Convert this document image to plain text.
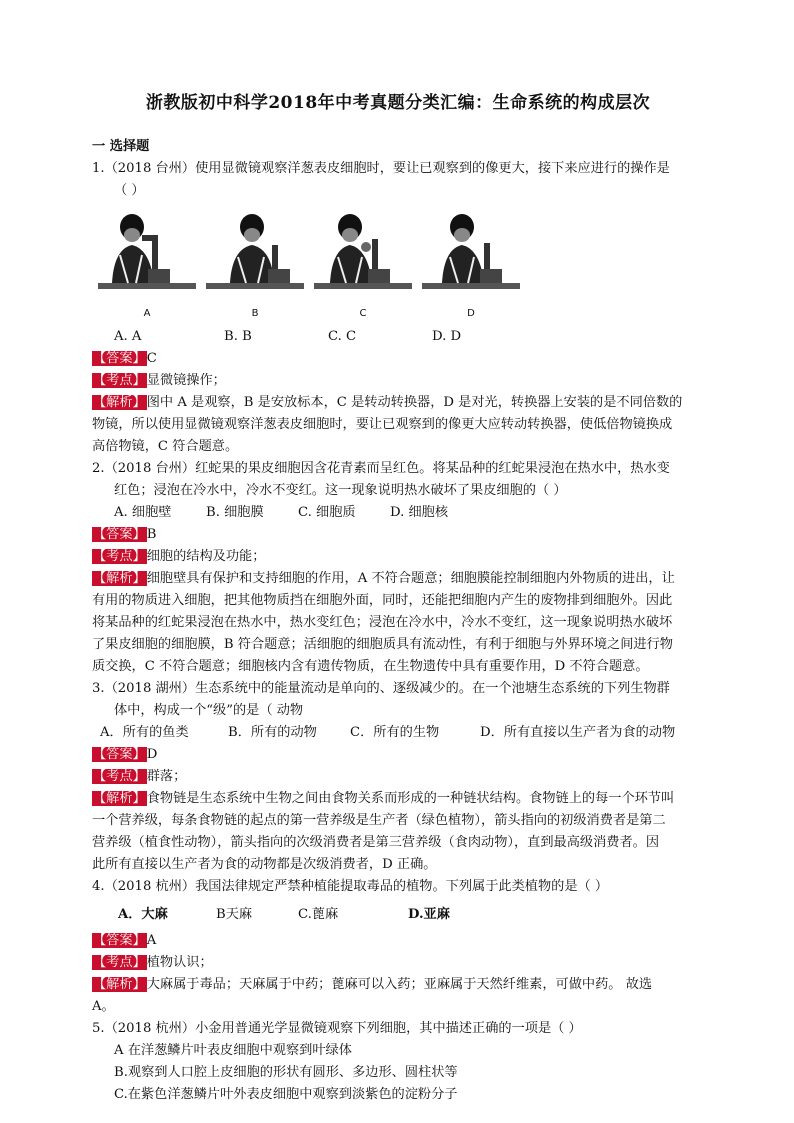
浙教版初中科学2018年中考真题分类汇编：生命系统的构成层次
一 选择题
1.（2018 台州）使用显微镜观察洋葱表皮细胞时，要让已观察到的像更大，接下来应进行的操作是
（ ）
A	B	C	D
A. A	B. B	C. C	D. D
【答案】C
【考点】显微镜操作；
【解析】图中 A 是观察，B 是安放标本，C 是转动转换器，D 是对光，转换器上安装的是不同倍数的
物镜，所以使用显微镜观察洋葱表皮细胞时，要让已观察到的像更大应转动转换器，使低倍物镜换成
高倍物镜，C 符合题意。
2.（2018 台州）红蛇果的果皮细胞因含花青素而呈红色。将某品种的红蛇果浸泡在热水中，热水变
红色；浸泡在冷水中，冷水不变红。这一现象说明热水破坏了果皮细胞的（ ）
A. 细胞壁	B. 细胞膜	C. 细胞质	D. 细胞核
【答案】B
【考点】细胞的结构及功能；
【解析】细胞壁具有保护和支持细胞的作用，A 不符合题意；细胞膜能控制细胞内外物质的进出，让
有用的物质进入细胞，把其他物质挡在细胞外面，同时，还能把细胞内产生的废物排到细胞外。因此
将某品种的红蛇果浸泡在热水中，热水变红色；浸泡在冷水中，冷水不变红，这一现象说明热水破坏
了果皮细胞的细胞膜，B 符合题意；活细胞的细胞质具有流动性，有利于细胞与外界环境之间进行物
质交换，C 不符合题意；细胞核内含有遗传物质，在生物遗传中具有重要作用，D 不符合题意。
3.（2018 湖州）生态系统中的能量流动是单向的、逐级减少的。在一个池塘生态系统的下列生物群
体中，构成一个“级”的是（ 动物
A．所有的鱼类	B．所有的动物	C．所有的生物	D．所有直接以生产者为食的动物
【答案】D
【考点】群落；
【解析】食物链是生态系统中生物之间由食物关系而形成的一种链状结构。食物链上的每一个环节叫
一个营养级，每条食物链的起点的第一营养级是生产者（绿色植物），箭头指向的初级消费者是第二
营养级（植食性动物），箭头指向的次级消费者是第三营养级（食肉动物），直到最高级消费者。因
此所有直接以生产者为食的动物都是次级消费者，D 正确。
4.（2018 杭州）我国法律规定严禁种植能提取毒品的植物。下列属于此类植物的是（ ）
A．大麻	B天麻	C.蓖麻	D.亚麻
【答案】A
【考点】植物认识；
【解析】大麻属于毒品；天麻属于中药；蓖麻可以入药；亚麻属于天然纤维素，可做中药。 故选
A。
5.（2018 杭州）小金用普通光学显微镜观察下列细胞，其中描述正确的一项是（ ）
A 在洋葱鳞片叶表皮细胞中观察到叶绿体
B.观察到人口腔上皮细胞的形状有圆形、多边形、圆柱状等
C.在紫色洋葱鳞片叶外表皮细胞中观察到淡紫色的淀粉分子
